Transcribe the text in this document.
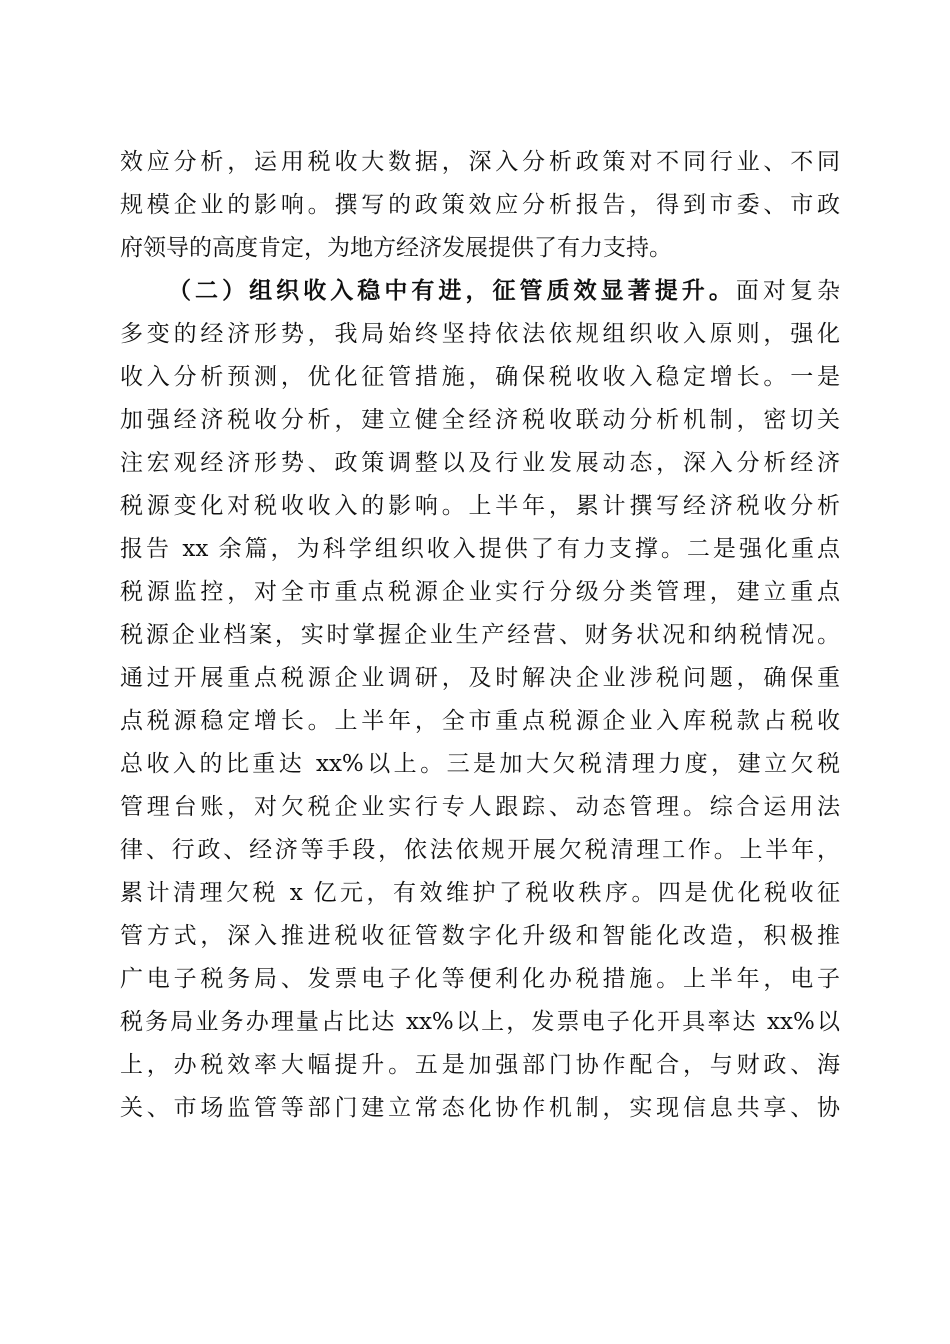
效应分析，运用税收大数据，深入分析政策对不同行业、不同
规模企业的影响。撰写的政策效应分析报告，得到市委、市政
府领导的高度肯定，为地方经济发展提供了有力支持。
（二）组织收入稳中有进，征管质效显著提升。面对复杂
多变的经济形势，我局始终坚持依法依规组织收入原则，强化
收入分析预测，优化征管措施，确保税收收入稳定增长。一是
加强经济税收分析，建立健全经济税收联动分析机制，密切关
注宏观经济形势、政策调整以及行业发展动态，深入分析经济
税源变化对税收收入的影响。上半年，累计撰写经济税收分析
报告 xx 余篇，为科学组织收入提供了有力支撑。二是强化重点
税源监控，对全市重点税源企业实行分级分类管理，建立重点
税源企业档案，实时掌握企业生产经营、财务状况和纳税情况。
通过开展重点税源企业调研，及时解决企业涉税问题，确保重
点税源稳定增长。上半年，全市重点税源企业入库税款占税收
总收入的比重达 xx%以上。三是加大欠税清理力度，建立欠税
管理台账，对欠税企业实行专人跟踪、动态管理。综合运用法
律、行政、经济等手段，依法依规开展欠税清理工作。上半年，
累计清理欠税 x 亿元，有效维护了税收秩序。四是优化税收征
管方式，深入推进税收征管数字化升级和智能化改造，积极推
广电子税务局、发票电子化等便利化办税措施。上半年，电子
税务局业务办理量占比达 xx%以上，发票电子化开具率达 xx%以
上，办税效率大幅提升。五是加强部门协作配合，与财政、海
关、市场监管等部门建立常态化协作机制，实现信息共享、协
